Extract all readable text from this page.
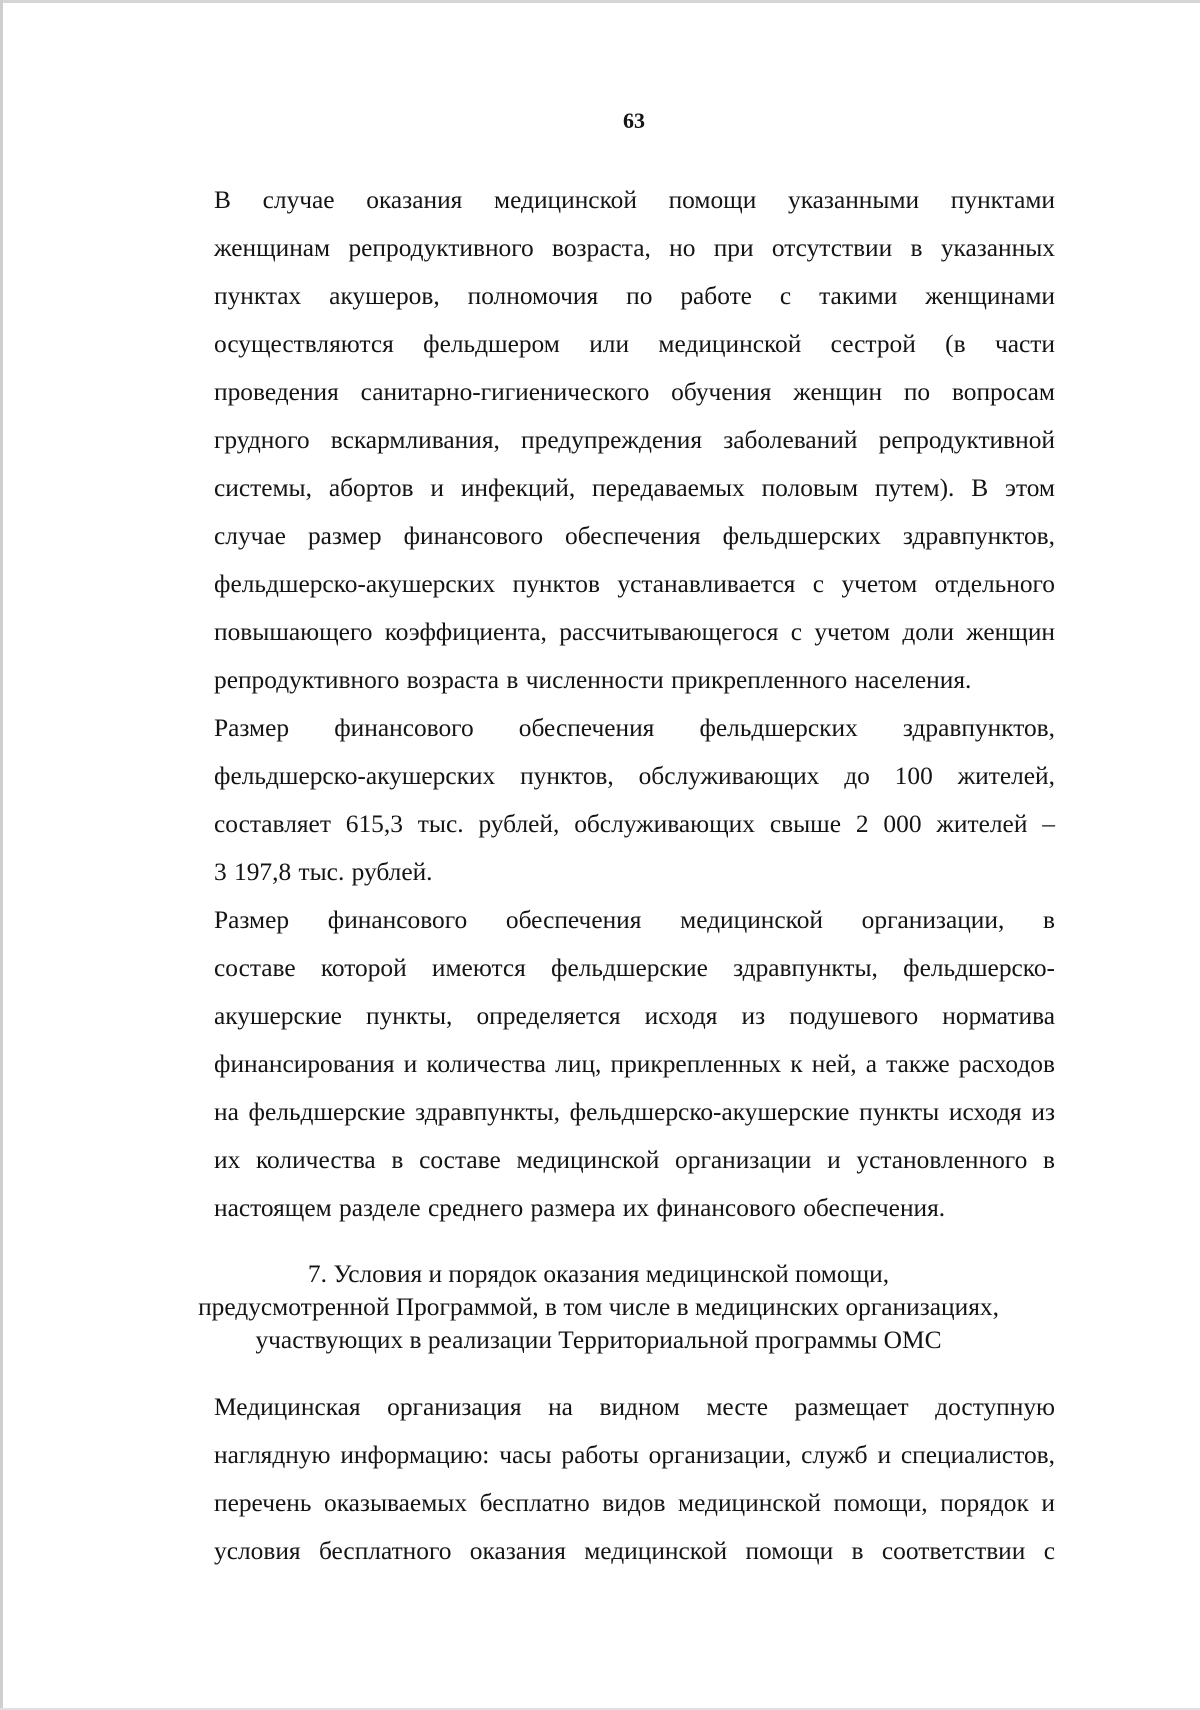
63

В случае оказания медицинской помощи указанными пунктами
женщинам репродуктивного возраста, но при отсутствии в указанных
пунктах акушеров, полномочия по работе с такими женщинами
осуществляются фельдшером или медицинской сестрой (в части
проведения санитарно-гигиенического обучения женщин по вопросам
грудного вскармливания, предупреждения заболеваний репродуктивной
системы, абортов и инфекций, передаваемых половым путем). В этом
случае размер финансового обеспечения фельдшерских здравпунктов,
фельдшерско-акушерских пунктов устанавливается с учетом отдельного
повышающего коэффициента, рассчитывающегося с учетом доли женщин
репродуктивного возраста в численности прикрепленного населения.

Размер финансового обеспечения фельдшерских здравпунктов,
фельдшерско-акушерских пунктов, обслуживающих до 100 жителей,
составляет 615,3 тыс. рублей, обслуживающих свыше 2 000 жителей –
3 197,8 тыс. рублей.

Размер финансового обеспечения медицинской организации, в
составе которой имеются фельдшерские здравпункты, фельдшерско-
акушерские пункты, определяется исходя из подушевого норматива
финансирования и количества лиц, прикрепленных к ней, а также расходов
на фельдшерские здравпункты, фельдшерско-акушерские пункты исходя из
их количества в составе медицинской организации и установленного в
настоящем разделе среднего размера их финансового обеспечения.

7. Условия и порядок оказания медицинской помощи,
предусмотренной Программой, в том числе в медицинских организациях,
участвующих в реализации Территориальной программы ОМС

Медицинская организация на видном месте размещает доступную
наглядную информацию: часы работы организации, служб и специалистов,
перечень оказываемых бесплатно видов медицинской помощи, порядок и
условия бесплатного оказания медицинской помощи в соответствии с
